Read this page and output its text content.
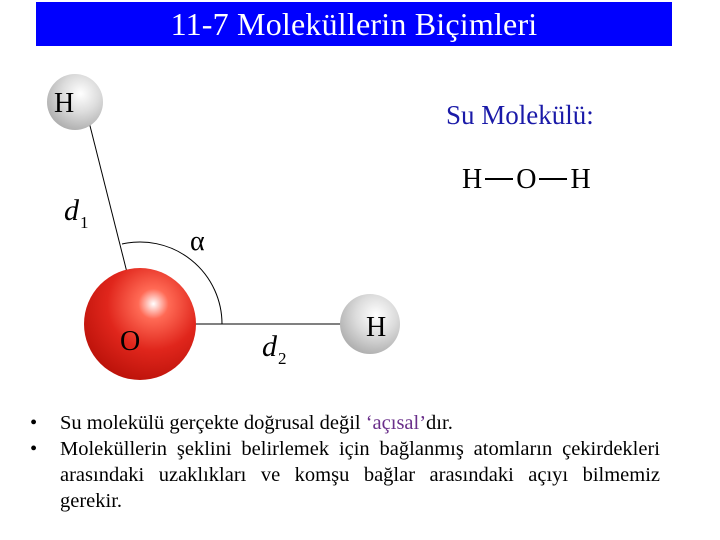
11-7 Moleküllerin Biçimleri
H
O	H
$d_1$
α
$d_2$
Su Molekülü:
H O H
•	Su molekülü gerçekte doğrusal değil ‘açısal’dır.
•	Moleküllerin şeklini belirlemek için bağlanmış atomların çekirdekleri arasındaki uzaklıkları ve komşu bağlar arasındaki açıyı bilmemiz gerekir.
